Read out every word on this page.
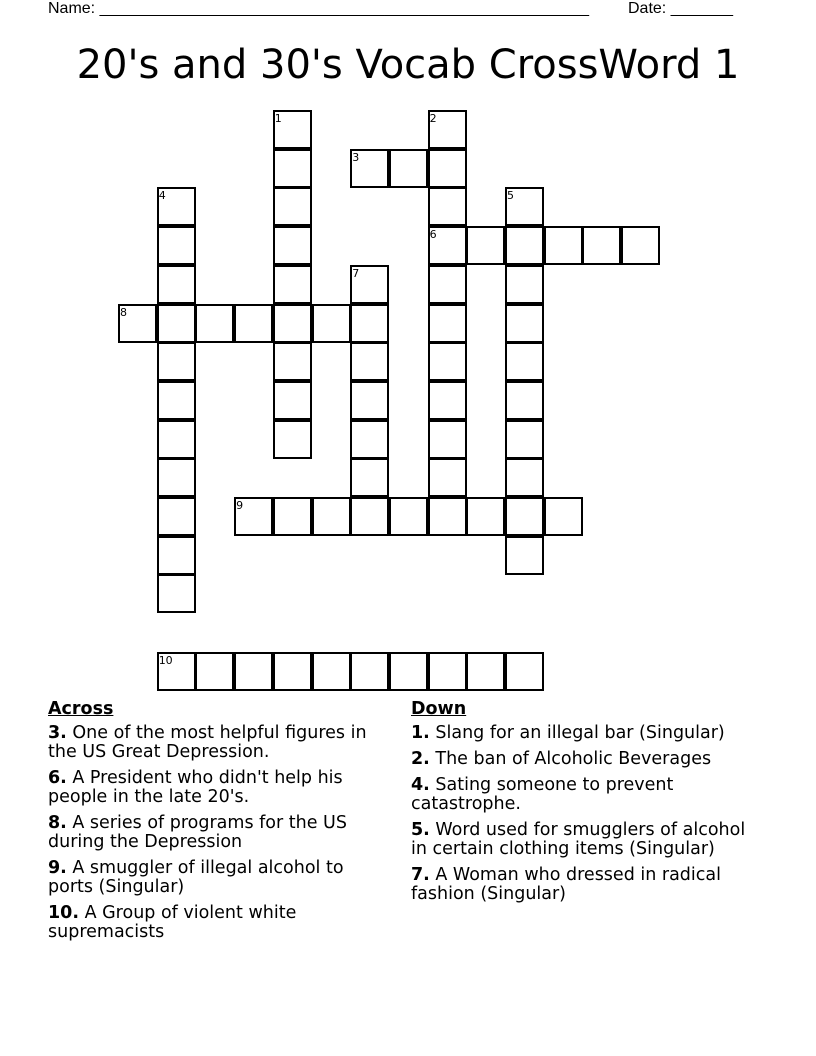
Name: _______________________________________________________ Date: _______
20's and 30's Vocab CrossWord 1
1	2
3
4	5
6
7
8
9
10
Across
3. One of the most helpful figures in the US Great Depression.
6. A President who didn't help his people in the late 20's.
8. A series of programs for the US during the Depression
9. A smuggler of illegal alcohol to ports (Singular)
10. A Group of violent white supremacists
Down
1. Slang for an illegal bar (Singular)
2. The ban of Alcoholic Beverages
4. Sating someone to prevent catastrophe.
5. Word used for smugglers of alcohol in certain clothing items (Singular)
7. A Woman who dressed in radical fashion (Singular)
